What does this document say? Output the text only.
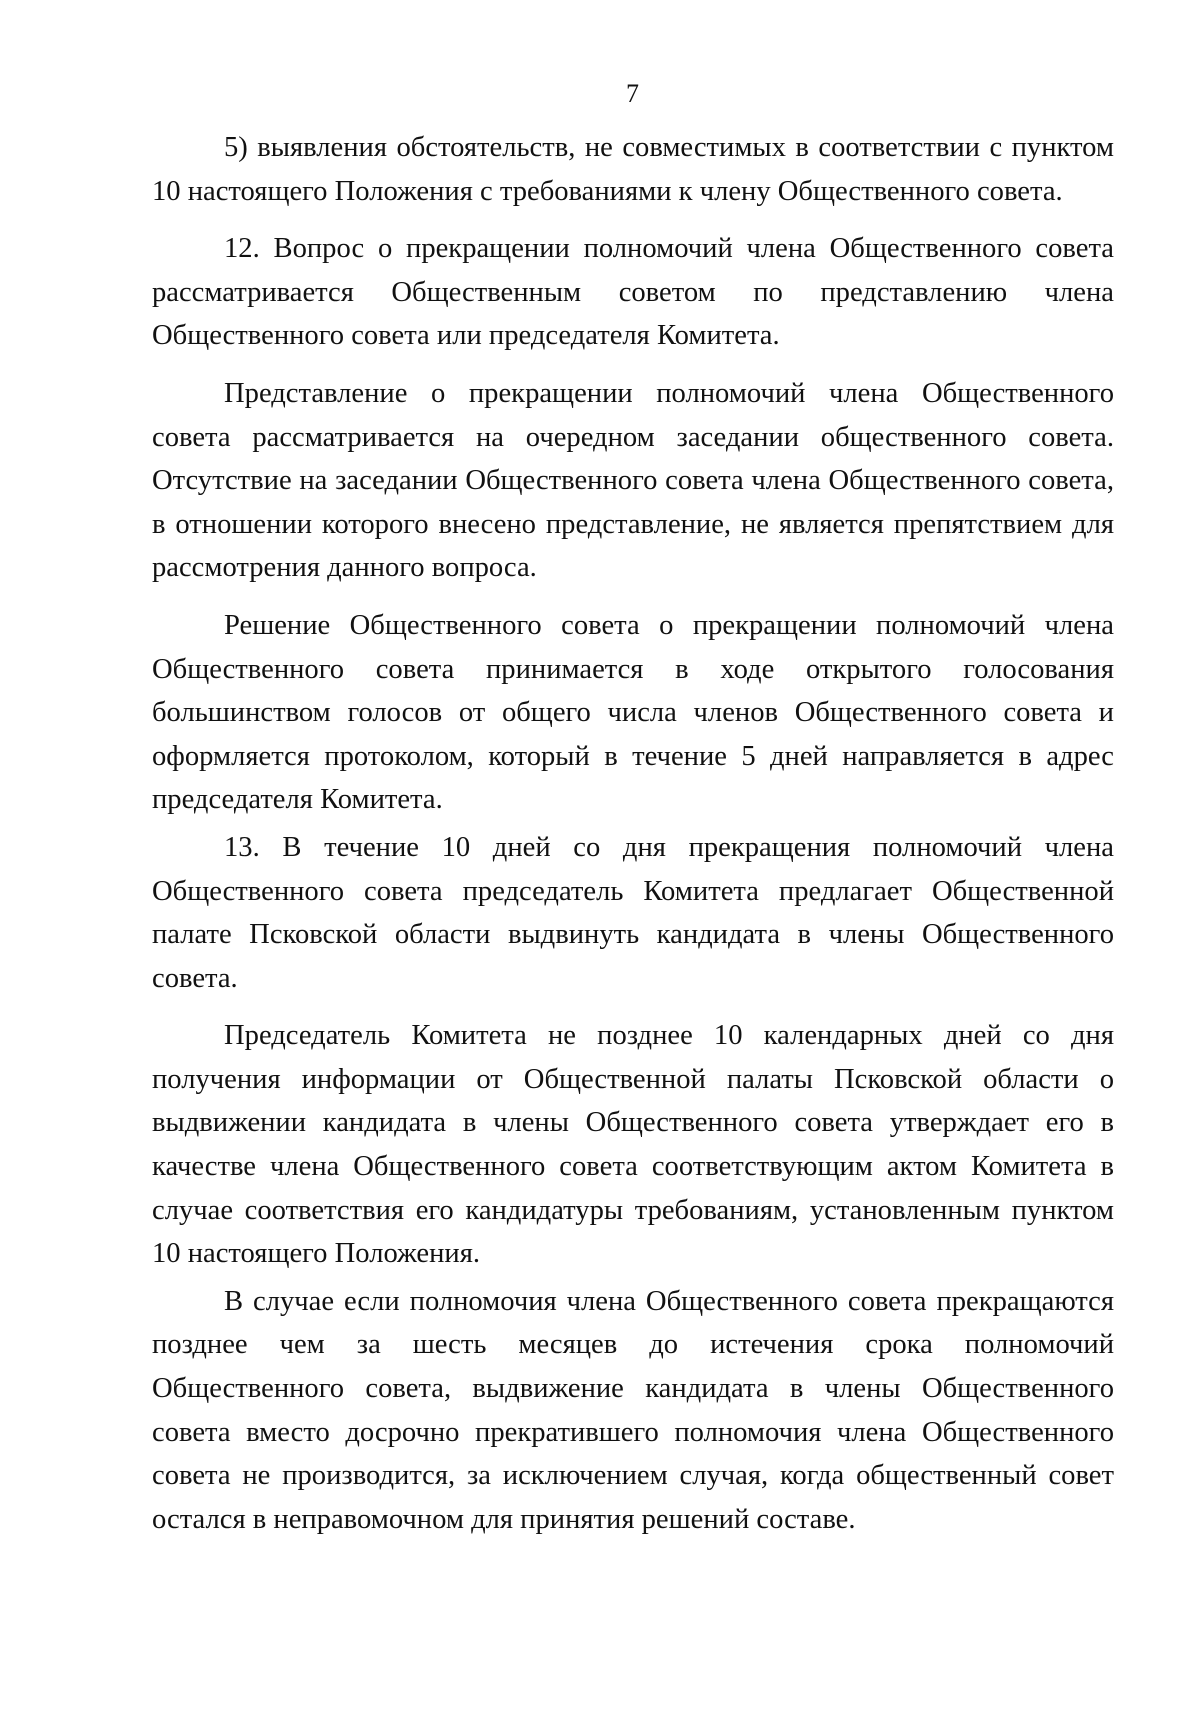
7

5) выявления обстоятельств, не совместимых в соответствии с пунктом 10 настоящего Положения с требованиями к члену Общественного совета.

12. Вопрос о прекращении полномочий члена Общественного совета рассматривается Общественным советом по представлению члена Общественного совета или председателя Комитета.

Представление о прекращении полномочий члена Общественного совета рассматривается на очередном заседании общественного совета. Отсутствие на заседании Общественного совета члена Общественного совета, в отношении которого внесено представление, не является препятствием для рассмотрения данного вопроса.

Решение Общественного совета о прекращении полномочий члена Общественного совета принимается в ходе открытого голосования большинством голосов от общего числа членов Общественного совета и оформляется протоколом, который в течение 5 дней направляется в адрес председателя Комитета.

13. В течение 10 дней со дня прекращения полномочий члена Общественного совета председатель Комитета предлагает Общественной палате Псковской области выдвинуть кандидата в члены Общественного совета.

Председатель Комитета не позднее 10 календарных дней со дня получения информации от Общественной палаты Псковской области о выдвижении кандидата в члены Общественного совета утверждает его в качестве члена Общественного совета соответствующим актом Комитета в случае соответствия его кандидатуры требованиям, установленным пунктом 10 настоящего Положения.

В случае если полномочия члена Общественного совета прекращаются позднее чем за шесть месяцев до истечения срока полномочий Общественного совета, выдвижение кандидата в члены Общественного совета вместо досрочно прекратившего полномочия члена Общественного совета не производится, за исключением случая, когда общественный совет остался в неправомочном для принятия решений составе.
